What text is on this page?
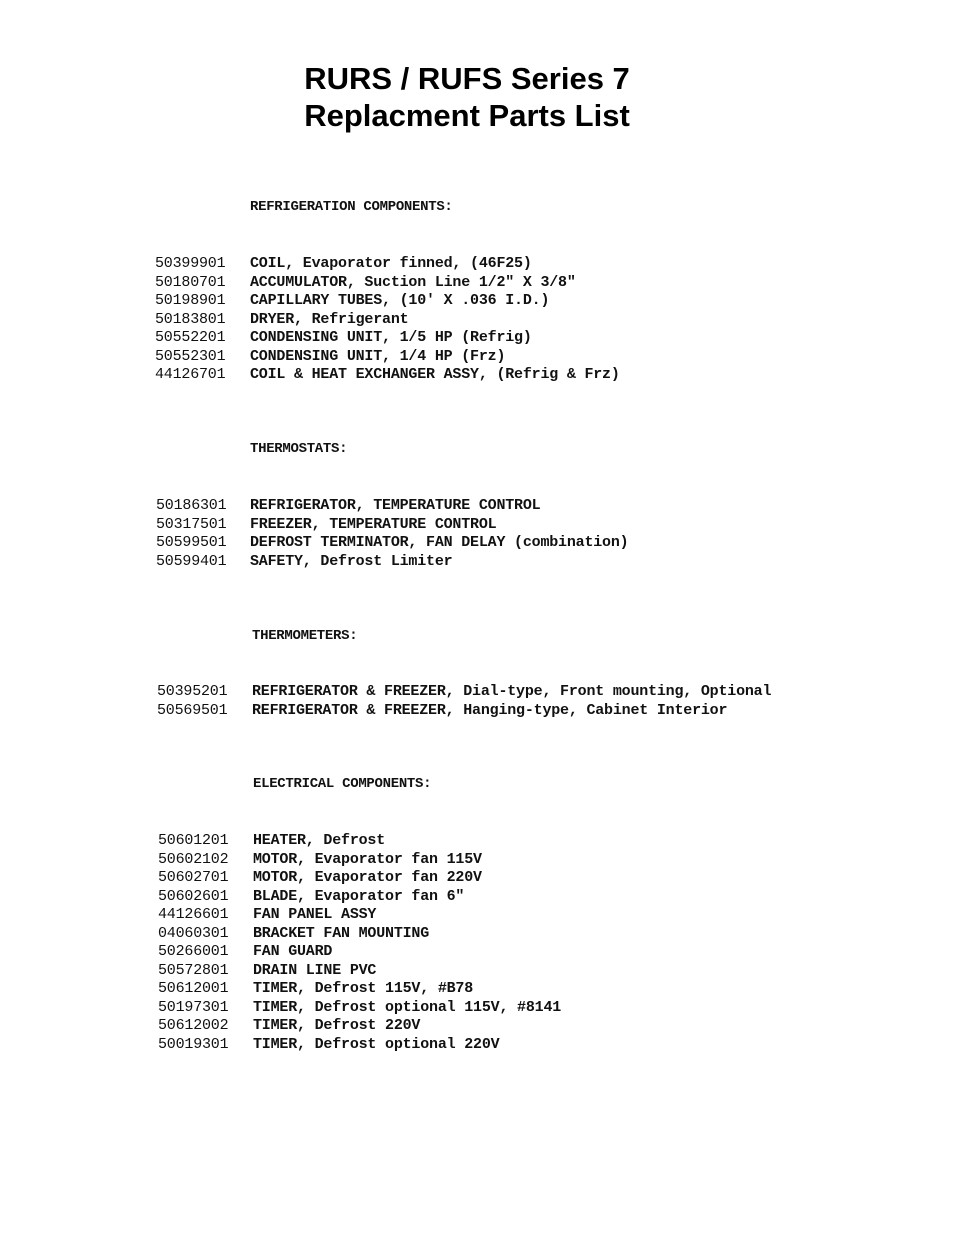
RURS / RUFS Series 7
Replacment Parts List
REFRIGERATION COMPONENTS:
50399901 COIL, Evaporator finned, (46F25)
50180701 ACCUMULATOR, Suction Line 1/2" X 3/8"
50198901 CAPILLARY TUBES, (10' X .036 I.D.)
50183801 DRYER, Refrigerant
50552201 CONDENSING UNIT, 1/5 HP (Refrig)
50552301 CONDENSING UNIT, 1/4 HP (Frz)
44126701 COIL & HEAT EXCHANGER ASSY, (Refrig & Frz)
THERMOSTATS:
50186301 REFRIGERATOR, TEMPERATURE CONTROL
50317501 FREEZER, TEMPERATURE CONTROL
50599501 DEFROST TERMINATOR, FAN DELAY (combination)
50599401 SAFETY, Defrost Limiter
THERMOMETERS:
50395201 REFRIGERATOR & FREEZER, Dial-type, Front mounting, Optional
50569501 REFRIGERATOR & FREEZER, Hanging-type, Cabinet Interior
ELECTRICAL COMPONENTS:
50601201 HEATER, Defrost
50602102 MOTOR, Evaporator fan 115V
50602701 MOTOR, Evaporator fan 220V
50602601 BLADE, Evaporator fan 6"
44126601 FAN PANEL ASSY
04060301 BRACKET FAN MOUNTING
50266001 FAN GUARD
50572801 DRAIN LINE PVC
50612001 TIMER, Defrost 115V, #B78
50197301 TIMER, Defrost optional 115V, #8141
50612002 TIMER, Defrost 220V
50019301 TIMER, Defrost optional 220V
